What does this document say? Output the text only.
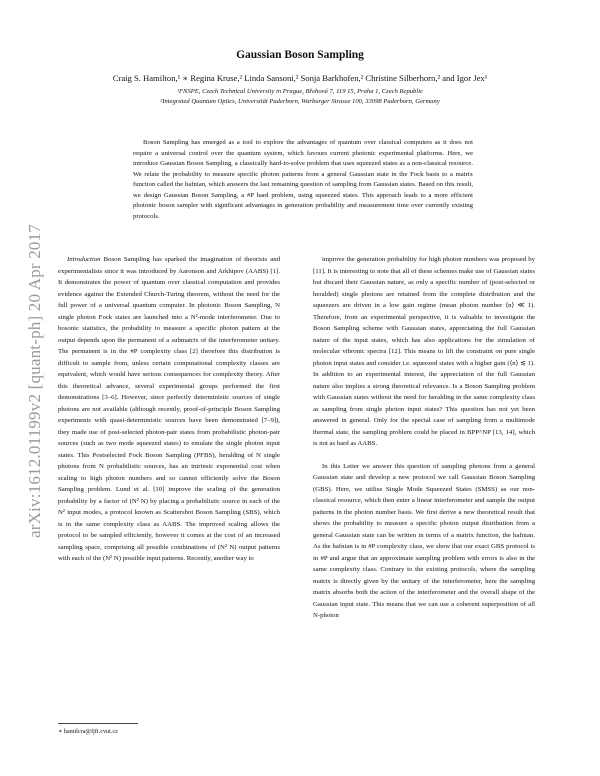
Gaussian Boson Sampling
Craig S. Hamilton,¹ ∗ Regina Kruse,² Linda Sansoni,² Sonja Barkhofen,² Christine Silberhorn,² and Igor Jex¹
¹FNSPE, Czech Technical University in Prague, Břehová 7, 119 15, Praha 1, Czech Republic
²Integrated Quantum Optics, Universität Paderborn, Warburger Strasse 100, 33098 Paderborn, Germany

Boson Sampling has emerged as a tool to explore the advantages of quantum over classical computers as it does not require a universal control over the quantum system, which favours current photonic experimental platforms. Here, we introduce Gaussian Boson Sampling, a classically hard-to-solve problem that uses squeezed states as a non-classical resource. We relate the probability to measure specific photon patterns from a general Gaussian state in the Fock basis to a matrix function called the hafnian, which answers the last remaining question of sampling from Gaussian states. Based on this result, we design Gaussian Boson Sampling, a #P hard problem, using squeezed states. This approach leads to a more efficient photonic boson sampler with significant advantages in generation probability and measurement time over currently existing protocols.

arXiv:1612.01199v2 [quant-ph] 20 Apr 2017	Introduction Boson Sampling has sparked the imagination of theorists and experimentalists since it was introduced by Aaronson and Arkhipov (AABS) [1]. It demonstrates the power of quantum over classical computation and provides evidence against the Extended Church-Turing theorem, without the need for the full power of a universal quantum computer. In photonic Boson Sampling, N single photon Fock states are launched into a N²-mode interferometer. Due to bosonic statistics, the probability to measure a specific photon pattern at the output depends upon the permanent of a submatrix of the interferometer unitary. The permanent is in the #P complexity class [2] therefore this distribution is difficult to sample from, unless certain computational complexity classes are equivalent, which would have serious consequences for complexity theory. After this theoretical advance, several experimental groups performed the first demonstrations [3–6]. However, since perfectly deterministic sources of single photons are not available (although recently, proof-of-principle Boson Sampling experiments with quasi-deterministic sources have been demonstrated [7–9]), they made use of post-selected photon-pair states from probabilistic photon-pair sources (such as two mode squeezed states) to emulate the single photon input states. This Postselected Fock Boson Sampling (PFBS), heralding of N single photons from N probabilistic sources, has an intrinsic exponential cost when scaling to high photon numbers and so cannot efficiently solve the Boson Sampling problem. Lund et al. [10] improve the scaling of the generation probability by a factor of (N² N) by placing a probabilistic source in each of the N² input modes, a protocol known as Scattershot Boson Sampling (SBS), which is in the same complexity class as AABS. The improved scaling allows the protocol to be sampled efficiently, however it comes at the cost of an increased sampling space, comprising all possible combinations of (N² N) output patterns with each of the (N² N) possible input patterns. Recently, another way to

improve the generation probability for high photon numbers was proposed by [11]. It is interesting to note that all of these schemes make use of Gaussian states but discard their Gaussian nature, as only a specific number of (post-selected or heralded) single photons are retained from the complete distribution and the squeezers are driven in a low gain regime (mean photon number ⟨n⟩ ≪ 1). Therefore, from an experimental perspective, it is valuable to investigate the Boson Sampling scheme with Gaussian states, appreciating the full Gaussian nature of the input states, which has also applications for the simulation of molecular vibronic spectra [12]. This means to lift the constraint on pure single photon input states and consider i.e. squeezed states with a higher gain (⟨n⟩ ≲ 1). In addition to an experimental interest, the appreciation of the full Gaussian nature also implies a strong theoretical relevance. Is a Boson Sampling problem with Gaussian states without the need for heralding in the same complexity class as sampling from single photon input states? This question has not yet been answered in general. Only for the special case of sampling from a multimode thermal state, the sampling problem could be placed in BPP^NP [13, 14], which is not as hard as AABS.

In this Letter we answer this question of sampling photons from a general Gaussian state and develop a new protocol we call Gaussian Boson Sampling (GBS). Here, we utilise Single Mode Squeezed States (SMSS) as our non-classical resource, which then enter a linear interferometer and sample the output patterns in the photon number basis. We first derive a new theoretical result that shows the probability to measure a specific photon output distribution from a general Gaussian state can be written in terms of a matrix function, the hafnian. As the hafnian is in #P complexity class, we show that our exact GBS protocol is in #P and argue that an approximate sampling problem with errors is also in the same complexity class. Contrary to the existing protocols, where the sampling matrix is directly given by the unitary of the interferometer, here the sampling matrix absorbs both the action of the interferometer and the overall shape of the Gaussian input state. This means that we can use a coherent superposition of all N-photon

∗ hamilcra@fjfi.cvut.cz
